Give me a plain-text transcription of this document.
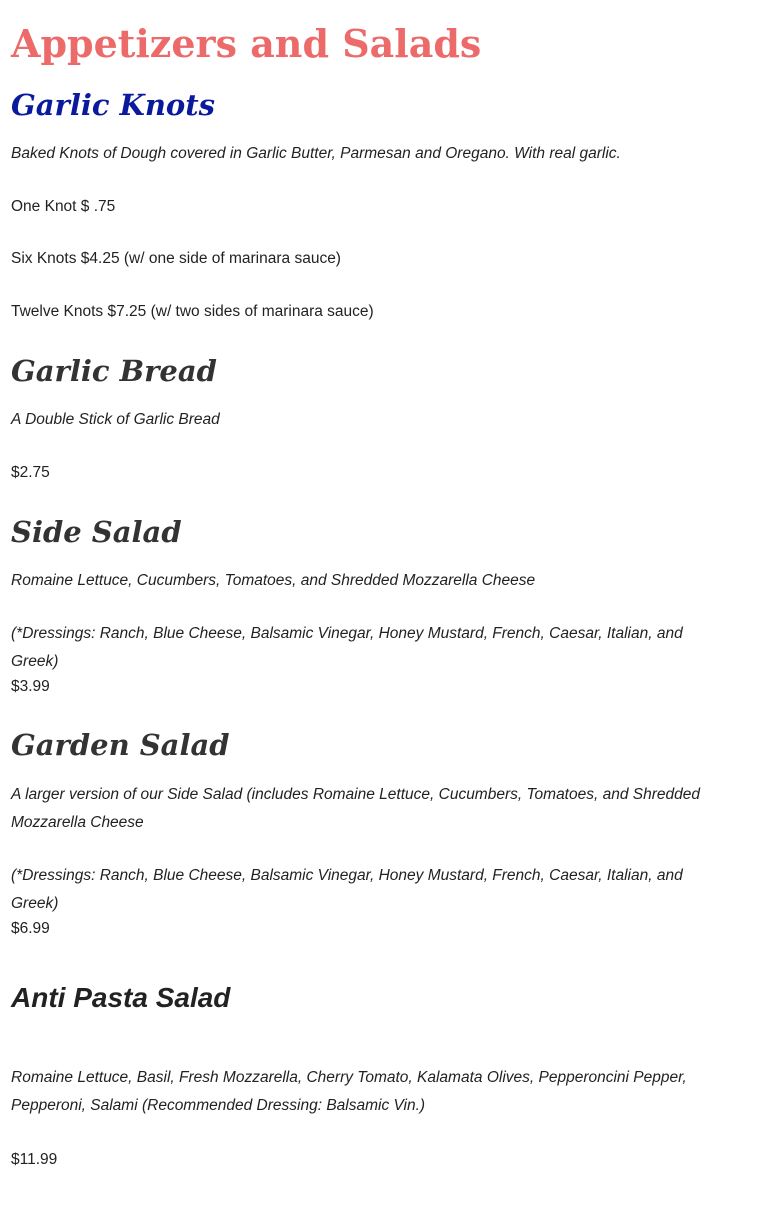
Appetizers and Salads
Garlic Knots

Baked Knots of Dough covered in Garlic Butter, Parmesan and Oregano. With real garlic.

One Knot $ .75

Six Knots $4.25 (w/ one side of marinara sauce)

Twelve Knots $7.25 (w/ two sides of marinara sauce)

Garlic Bread

A Double Stick of Garlic Bread

$2.75

Side Salad

Romaine Lettuce, Cucumbers, Tomatoes, and Shredded Mozzarella Cheese

(*Dressings: Ranch, Blue Cheese, Balsamic Vinegar, Honey Mustard, French, Caesar, Italian, and Greek)

$3.99

Garden Salad

A larger version of our Side Salad (includes Romaine Lettuce, Cucumbers, Tomatoes, and Shredded Mozzarella Cheese

(*Dressings: Ranch, Blue Cheese, Balsamic Vinegar, Honey Mustard, French, Caesar, Italian, and Greek)

$6.99

Anti Pasta Salad

Romaine Lettuce, Basil, Fresh Mozzarella, Cherry Tomato, Kalamata Olives, Pepperoncini Pepper, Pepperoni, Salami (Recommended Dressing: Balsamic Vin.)

$11.99
